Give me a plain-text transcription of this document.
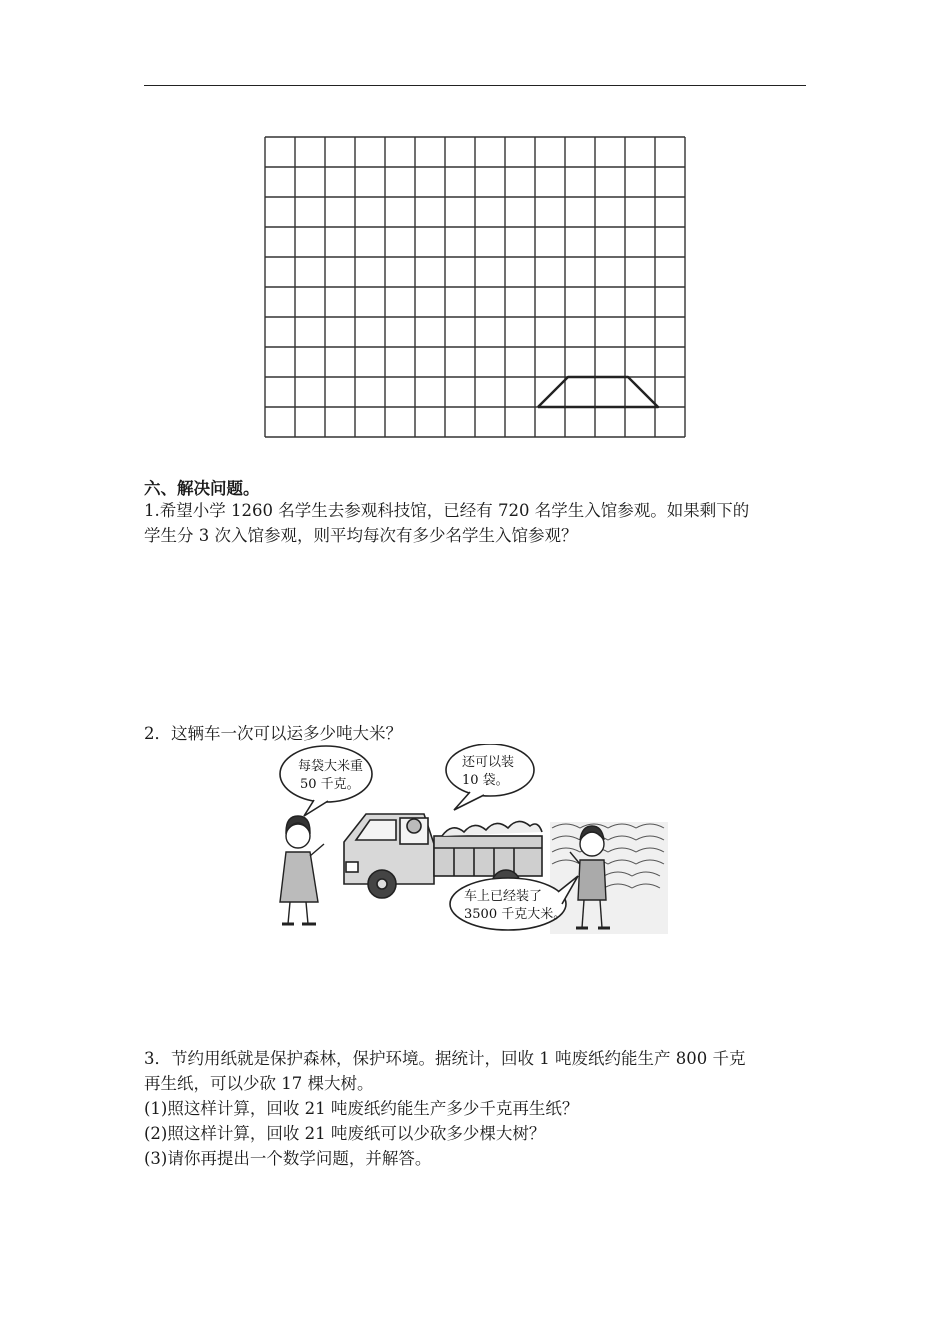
六、解决问题。
1.希望小学 1260 名学生去参观科技馆，已经有 720 名学生入馆参观。如果剩下的
学生分 3 次入馆参观，则平均每次有多少名学生入馆参观？
2．这辆车一次可以运多少吨大米？
每袋大米重
50 千克。
还可以装
10 袋。
车上已经装了
3500 千克大米。
3．节约用纸就是保护森林，保护环境。据统计，回收 1 吨废纸约能生产 800 千克
再生纸，可以少砍 17 棵大树。
(1)照这样计算，回收 21 吨废纸约能生产多少千克再生纸？
(2)照这样计算，回收 21 吨废纸可以少砍多少棵大树？
(3)请你再提出一个数学问题，并解答。
